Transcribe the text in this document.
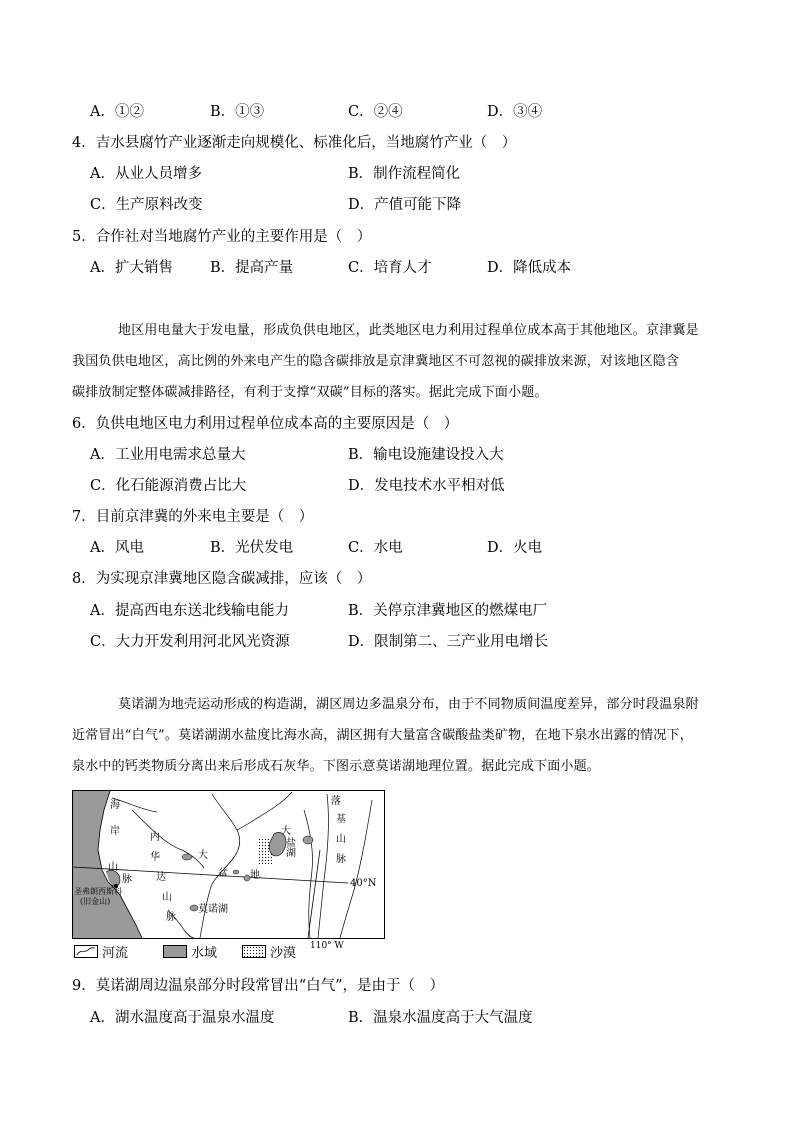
A．①②	B．①③	C．②④	D．③④
4．吉水县腐竹产业逐渐走向规模化、标准化后，当地腐竹产业（　）
A．从业人员增多	B．制作流程简化
C．生产原料改变	D．产值可能下降
5．合作社对当地腐竹产业的主要作用是（　）
A．扩大销售	B．提高产量	C．培育人才	D．降低成本
地区用电量大于发电量，形成负供电地区，此类地区电力利用过程单位成本高于其他地区。京津冀是
我国负供电地区，高比例的外来电产生的隐含碳排放是京津冀地区不可忽视的碳排放来源，对该地区隐含
碳排放制定整体碳减排路径，有利于支撑“双碳”目标的落实。据此完成下面小题。
6．负供电地区电力利用过程单位成本高的主要原因是（　）
A．工业用电需求总量大	B．输电设施建设投入大
C．化石能源消费占比大	D．发电技术水平相对低
7．目前京津冀的外来电主要是（　）
A．风电	B．光伏发电	C．水电	D．火电
8．为实现京津冀地区隐含碳减排，应该（　）
A．提高西电东送北线输电能力	B．关停京津冀地区的燃煤电厂
C．大力开发利用河北风光资源	D．限制第二、三产业用电增长
莫诺湖为地壳运动形成的构造湖，湖区周边多温泉分布，由于不同物质间温度差异，部分时段温泉附
近常冒出“白气”。莫诺湖湖水盐度比海水高，湖区拥有大量富含碳酸盐类矿物，在地下泉水出露的情况下，
泉水中的钙类物质分离出来后形成石灰华。下图示意莫诺湖地理位置。据此完成下面小题。
海
岸
山
脉
内
华
达
山
脉
大
盆 地
落
基
山
脉
大
盐
湖
莫诺湖
圣弗朗西斯科
(旧金山)
40°N
110° W
河流	水域	沙漠
9．莫诺湖周边温泉部分时段常冒出“白气”，是由于（　）
A．湖水温度高于温泉水温度	B．温泉水温度高于大气温度
